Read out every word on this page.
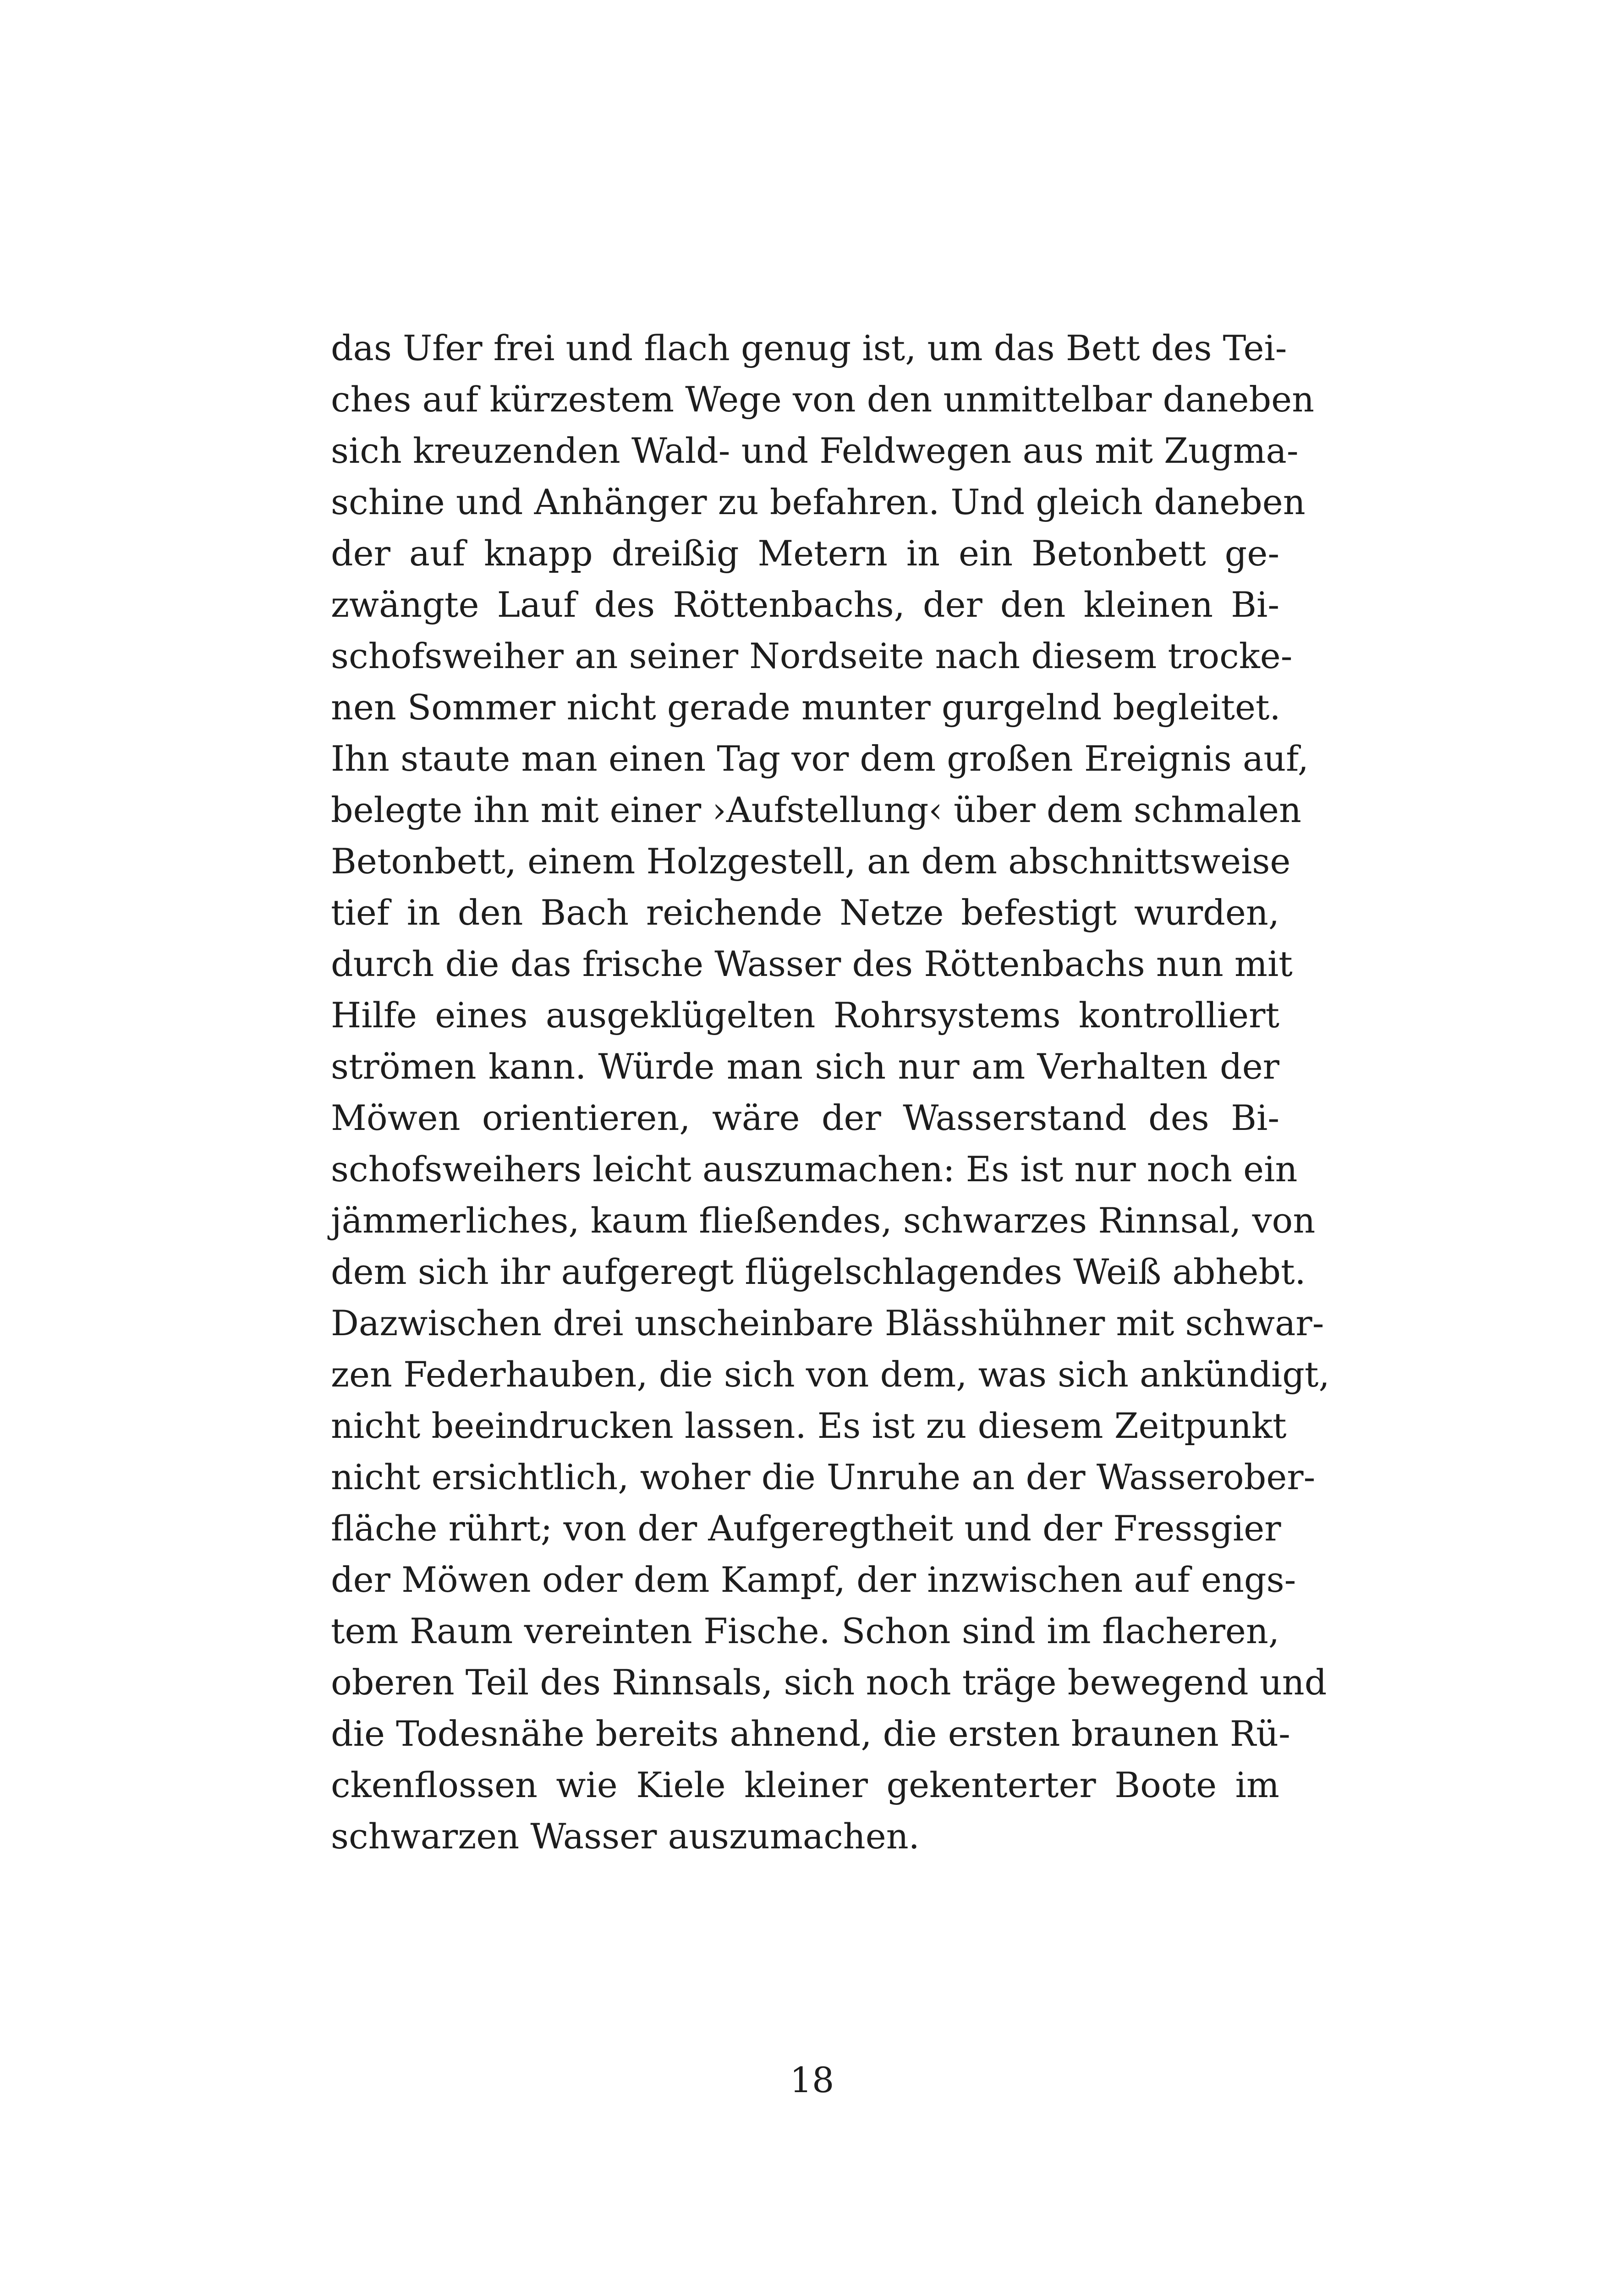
das Ufer frei und flach genug ist, um das Bett des Tei-
ches auf kürzestem Wege von den unmittelbar daneben
sich kreuzenden Wald- und Feldwegen aus mit Zugma-
schine und Anhänger zu befahren. Und gleich daneben
der auf knapp dreißig Metern in ein Betonbett ge-
zwängte Lauf des Röttenbachs, der den kleinen Bi-
schofsweiher an seiner Nordseite nach diesem trocke-
nen Sommer nicht gerade munter gurgelnd begleitet.
Ihn staute man einen Tag vor dem großen Ereignis auf,
belegte ihn mit einer ›Aufstellung‹ über dem schmalen
Betonbett, einem Holzgestell, an dem abschnittsweise
tief in den Bach reichende Netze befestigt wurden,
durch die das frische Wasser des Röttenbachs nun mit
Hilfe eines ausgeklügelten Rohrsystems kontrolliert
strömen kann. Würde man sich nur am Verhalten der
Möwen orientieren, wäre der Wasserstand des Bi-
schofsweihers leicht auszumachen: Es ist nur noch ein
jämmerliches, kaum fließendes, schwarzes Rinnsal, von
dem sich ihr aufgeregt flügelschlagendes Weiß abhebt.
Dazwischen drei unscheinbare Blässhühner mit schwar-
zen Federhauben, die sich von dem, was sich ankündigt,
nicht beeindrucken lassen. Es ist zu diesem Zeitpunkt
nicht ersichtlich, woher die Unruhe an der Wasserober-
fläche rührt; von der Aufgeregtheit und der Fressgier
der Möwen oder dem Kampf, der inzwischen auf engs-
tem Raum vereinten Fische. Schon sind im flacheren,
oberen Teil des Rinnsals, sich noch träge bewegend und
die Todesnähe bereits ahnend, die ersten braunen Rü-
ckenflossen wie Kiele kleiner gekenterter Boote im
schwarzen Wasser auszumachen.
18
